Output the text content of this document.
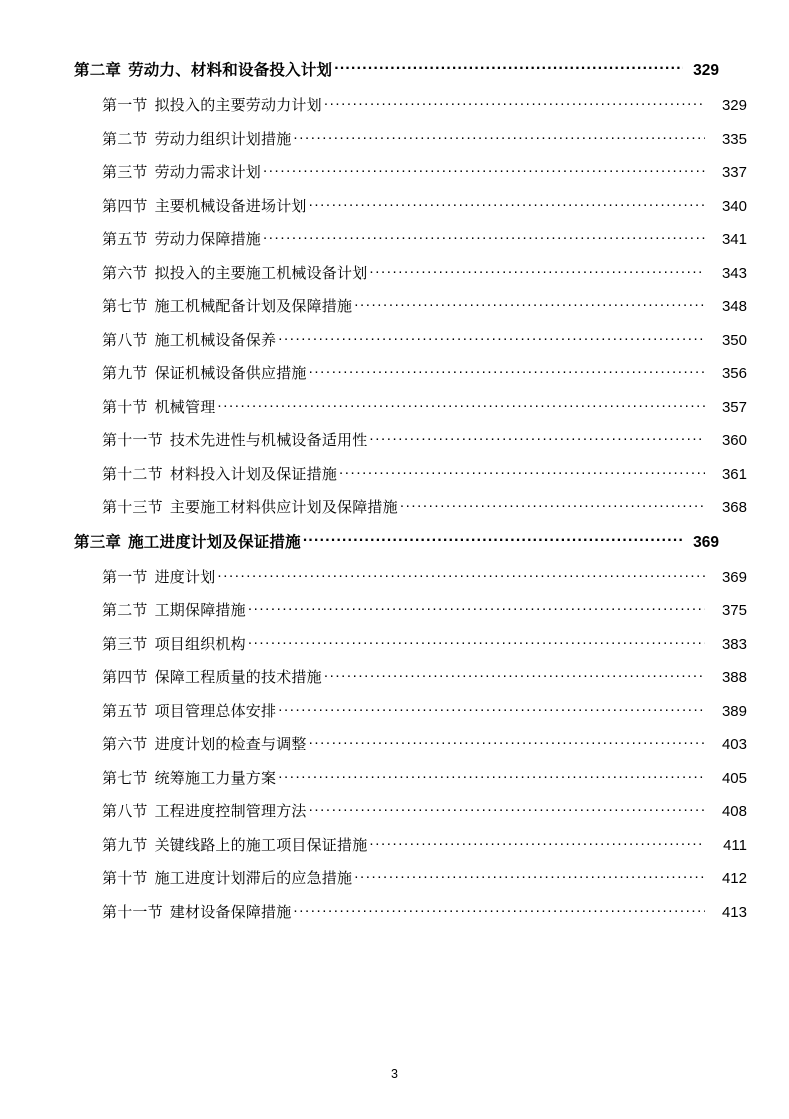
第二章 劳动力、材料和设备投入计划 .....	329
第一节 拟投入的主要劳动力计划 .....	329
第二节 劳动力组织计划措施 .....	335
第三节 劳动力需求计划 .....	337
第四节 主要机械设备进场计划 .....	340
第五节 劳动力保障措施 .....	341
第六节 拟投入的主要施工机械设备计划 .....	343
第七节 施工机械配备计划及保障措施 .....	348
第八节 施工机械设备保养 .....	350
第九节 保证机械设备供应措施 .....	356
第十节 机械管理 .....	357
第十一节 技术先进性与机械设备适用性 .....	360
第十二节 材料投入计划及保证措施 .....	361
第十三节 主要施工材料供应计划及保障措施 .....	368
第三章 施工进度计划及保证措施 .....	369
第一节 进度计划 .....	369
第二节 工期保障措施 .....	375
第三节 项目组织机构 .....	383
第四节 保障工程质量的技术措施 .....	388
第五节 项目管理总体安排 .....	389
第六节 进度计划的检查与调整 .....	403
第七节 统筹施工力量方案 .....	405
第八节 工程进度控制管理方法 .....	408
第九节 关键线路上的施工项目保证措施 .....	411
第十节 施工进度计划滞后的应急措施 .....	412
第十一节 建材设备保障措施 .....	413
3
